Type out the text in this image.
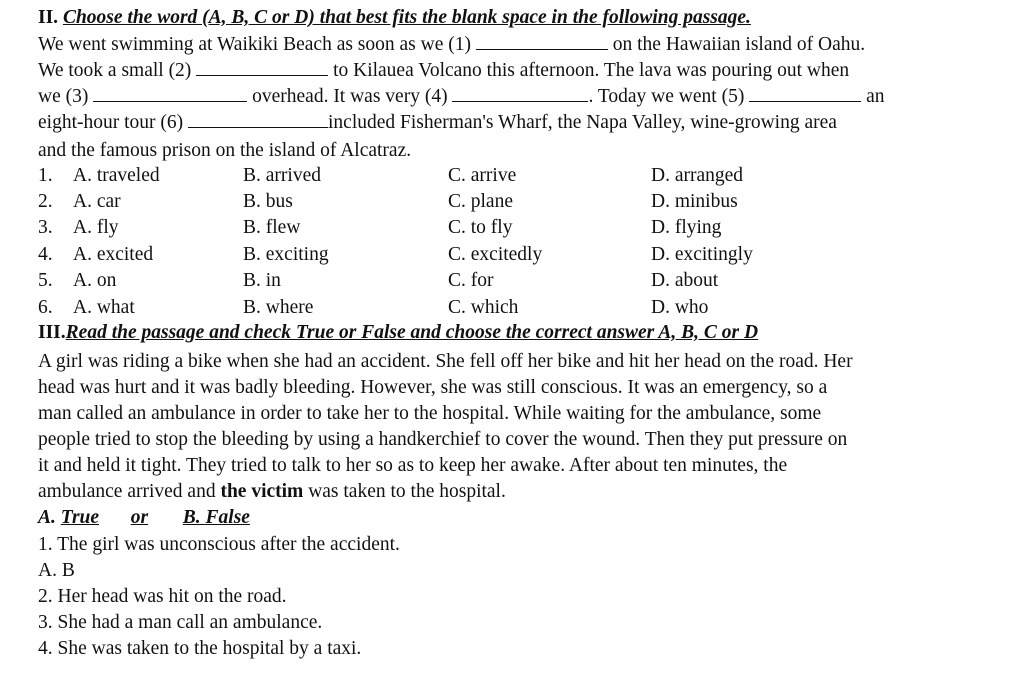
II. Choose the word (A, B, C or D) that best fits the blank space in the following passage.
We went swimming at Waikiki Beach as soon as we (1)	on the Hawaiian island of Oahu.
We took a small (2)	to Kilauea Volcano this afternoon. The lava was pouring out when
we (3)	overhead. It was very (4)	. Today we went (5)	an
eight-hour tour (6)	included Fisherman's Wharf, the Napa Valley, wine-growing area
and the famous prison on the island of Alcatraz.
1. A. traveled	B. arrived	C. arrive	D. arranged
2. A. car	B. bus	C. plane	D. minibus
3. A. fly	B. flew	C. to fly	D. flying
4. A. excited	B. exciting	C. excitedly	D. excitingly
5. A. on	B. in	C. for	D. about
6. A. what	B. where	C. which	D. who
III.Read the passage and check True or False and choose the correct answer A, B, C or D
A girl was riding a bike when she had an accident. She fell off her bike and hit her head on the road. Her
head was hurt and it was badly bleeding. However, she was still conscious. It was an emergency, so a
man called an ambulance in order to take her to the hospital. While waiting for the ambulance, some
people tried to stop the bleeding by using a handkerchief to cover the wound. Then they put pressure on
it and held it tight. They tried to talk to her so as to keep her awake. After about ten minutes, the
ambulance arrived and the victim was taken to the hospital.
A. True or B. False
1. The girl was unconscious after the accident.
A. B
2. Her head was hit on the road.
3. She had a man call an ambulance.
4. She was taken to the hospital by a taxi.
